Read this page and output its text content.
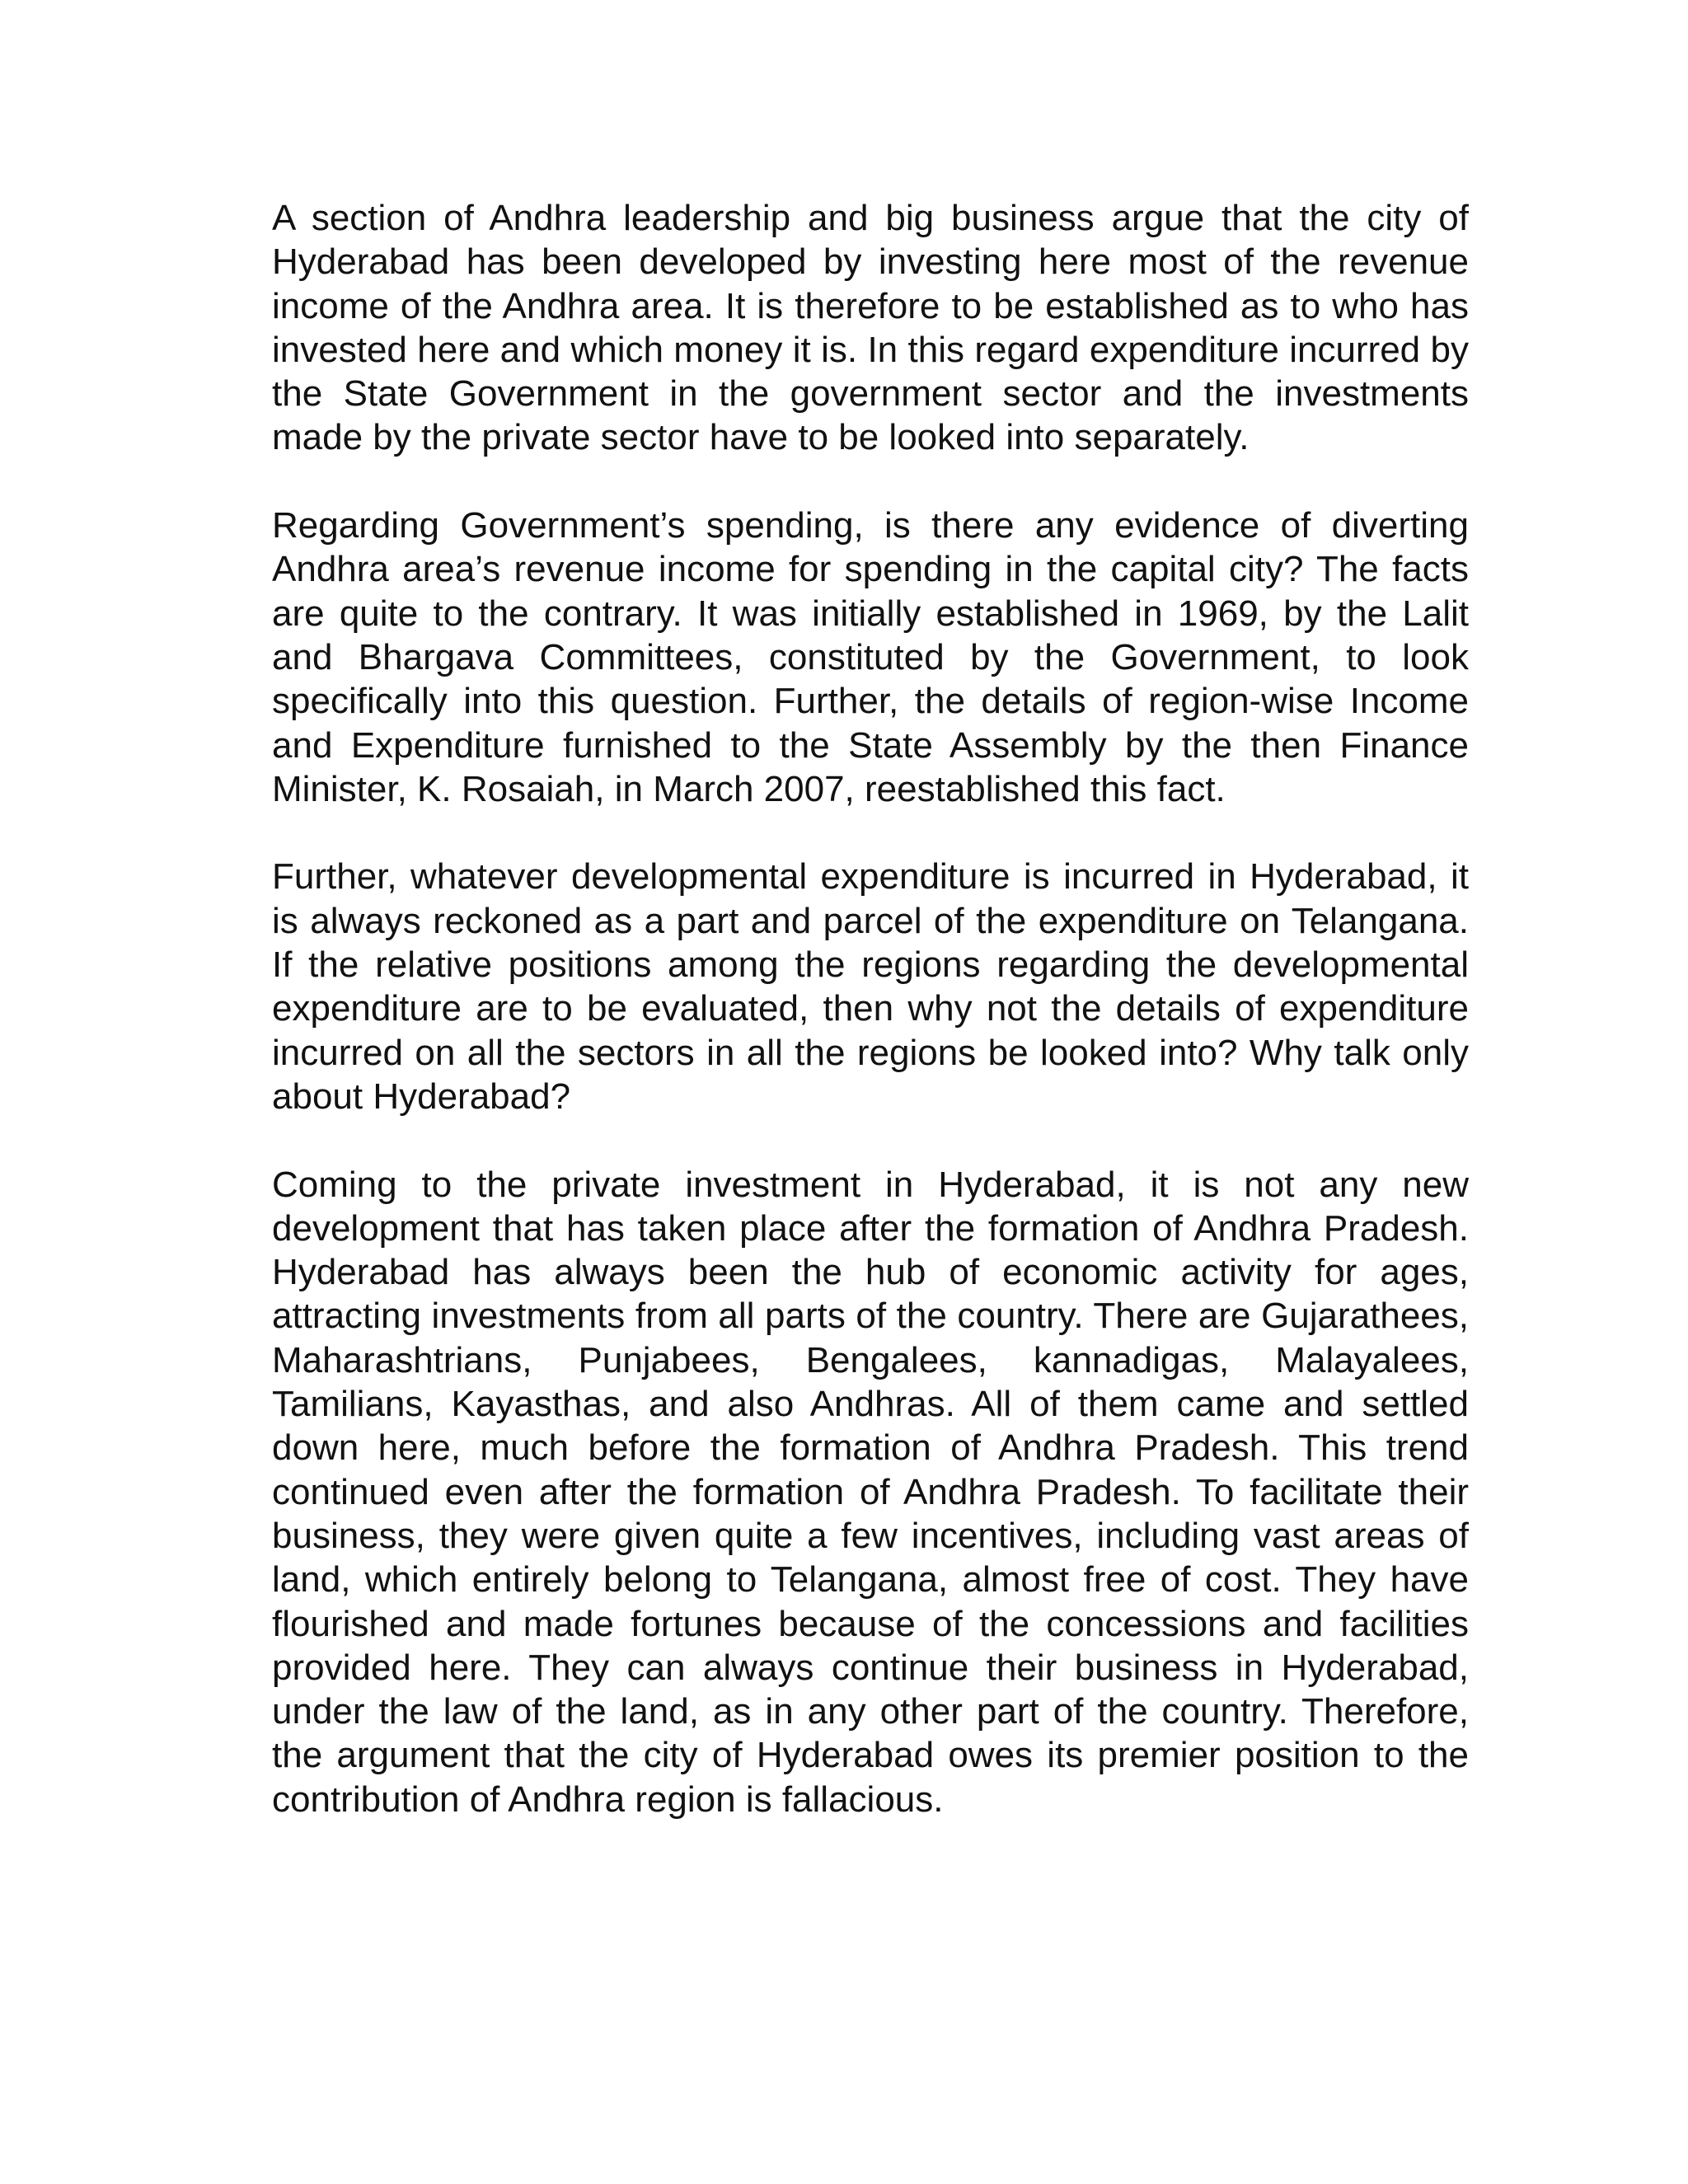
A section of Andhra leadership and big business argue that the city of Hyderabad has been developed by investing here most of the revenue income of the Andhra area. It is therefore to be established as to who has invested here and which money it is. In this regard expenditure incurred by the State Government in the government sector and the investments made by the private sector have to be looked into separately.

Regarding Government’s spending, is there any evidence of diverting Andhra area’s revenue income for spending in the capital city? The facts are quite to the contrary. It was initially established in 1969, by the Lalit and Bhargava Committees, constituted by the Government, to look specifically into this question. Further, the details of region-wise Income and Expenditure furnished to the State Assembly by the then Finance Minister, K. Rosaiah, in March 2007, reestablished this fact.

Further, whatever developmental expenditure is incurred in Hyderabad, it is always reckoned as a part and parcel of the expenditure on Telangana. If the relative positions among the regions regarding the developmental expenditure are to be evaluated, then why not the details of expenditure incurred on all the sectors in all the regions be looked into? Why talk only about Hyderabad?

Coming to the private investment in Hyderabad, it is not any new development that has taken place after the formation of Andhra Pradesh. Hyderabad has always been the hub of economic activity for ages, attracting investments from all parts of the country. There are Gujarathees, Maharashtrians, Punjabees, Bengalees, kannadigas, Malayalees, Tamilians, Kayasthas, and also Andhras. All of them came and settled down here, much before the formation of Andhra Pradesh. This trend continued even after the formation of Andhra Pradesh. To facilitate their business, they were given quite a few incentives, including vast areas of land, which entirely belong to Telangana, almost free of cost. They have flourished and made fortunes because of the concessions and facilities provided here. They can always continue their business in Hyderabad, under the law of the land, as in any other part of the country. Therefore, the argument that the city of Hyderabad owes its premier position to the contribution of Andhra region is fallacious.
